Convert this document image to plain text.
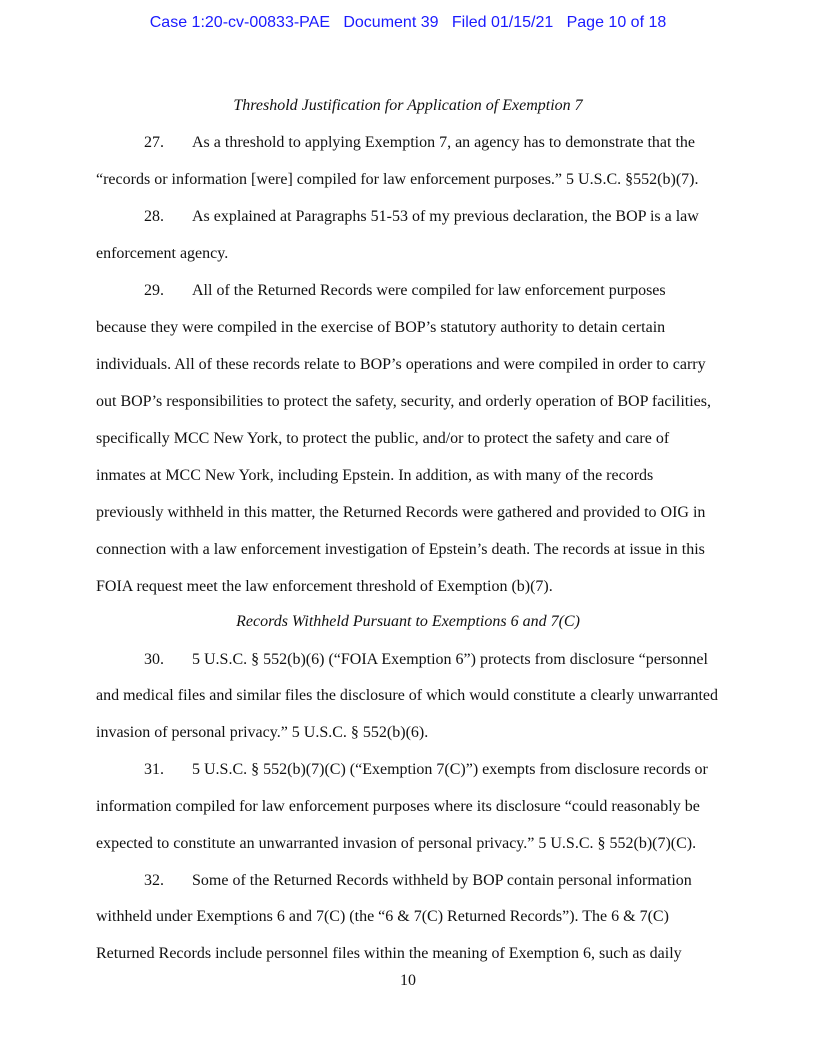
Case 1:20-cv-00833-PAE Document 39 Filed 01/15/21 Page 10 of 18
Threshold Justification for Application of Exemption 7
27. As a threshold to applying Exemption 7, an agency has to demonstrate that the
“records or information [were] compiled for law enforcement purposes.” 5 U.S.C. §552(b)(7).
28. As explained at Paragraphs 51-53 of my previous declaration, the BOP is a law
enforcement agency.
29. All of the Returned Records were compiled for law enforcement purposes
because they were compiled in the exercise of BOP’s statutory authority to detain certain
individuals. All of these records relate to BOP’s operations and were compiled in order to carry
out BOP’s responsibilities to protect the safety, security, and orderly operation of BOP facilities,
specifically MCC New York, to protect the public, and/or to protect the safety and care of
inmates at MCC New York, including Epstein. In addition, as with many of the records
previously withheld in this matter, the Returned Records were gathered and provided to OIG in
connection with a law enforcement investigation of Epstein’s death. The records at issue in this
FOIA request meet the law enforcement threshold of Exemption (b)(7).
Records Withheld Pursuant to Exemptions 6 and 7(C)
30. 5 U.S.C. § 552(b)(6) (“FOIA Exemption 6”) protects from disclosure “personnel
and medical files and similar files the disclosure of which would constitute a clearly unwarranted
invasion of personal privacy.” 5 U.S.C. § 552(b)(6).
31. 5 U.S.C. § 552(b)(7)(C) (“Exemption 7(C)”) exempts from disclosure records or
information compiled for law enforcement purposes where its disclosure “could reasonably be
expected to constitute an unwarranted invasion of personal privacy.” 5 U.S.C. § 552(b)(7)(C).
32. Some of the Returned Records withheld by BOP contain personal information
withheld under Exemptions 6 and 7(C) (the “6 & 7(C) Returned Records”). The 6 & 7(C)
Returned Records include personnel files within the meaning of Exemption 6, such as daily
10
